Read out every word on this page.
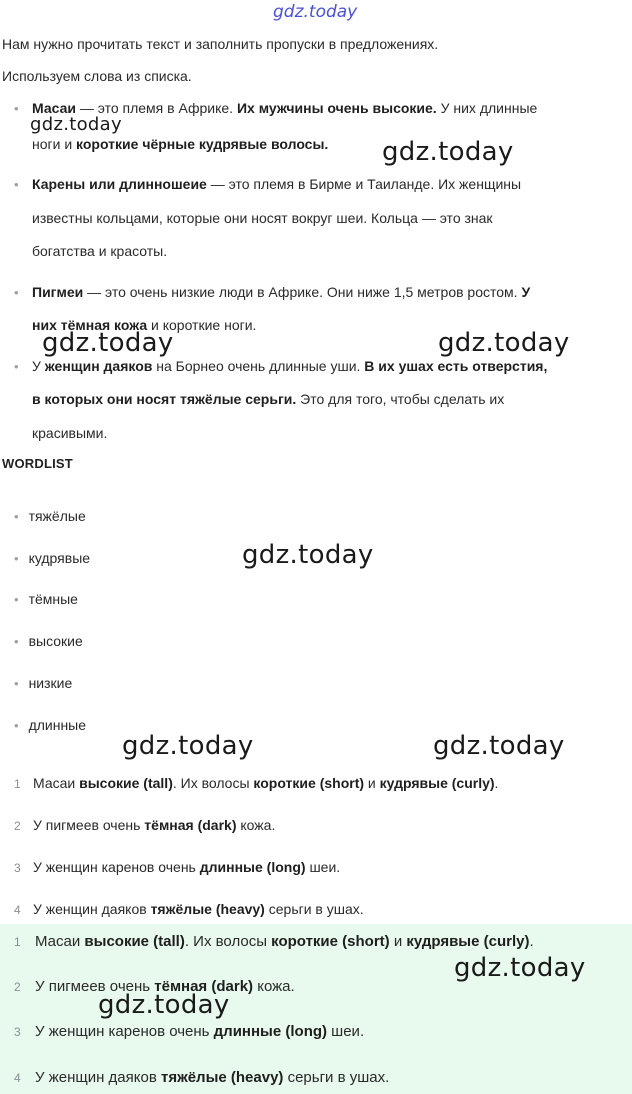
gdz.today
Нам нужно прочитать текст и заполнить пропуски в предложениях.
Используем слова из списка.
• Масаи — это племя в Африке. Их мужчины очень высокие. У них длинные
ноги и короткие чёрные кудрявые волосы.
• Карены или длинношеие — это племя в Бирме и Таиланде. Их женщины
известны кольцами, которые они носят вокруг шеи. Кольца — это знак
богатства и красоты.
• Пигмеи — это очень низкие люди в Африке. Они ниже 1,5 метров ростом. У
них тёмная кожа и короткие ноги.
• У женщин даяков на Борнео очень длинные уши. В их ушах есть отверстия,
в которых они носят тяжёлые серьги. Это для того, чтобы сделать их
красивыми.
WORDLIST
• тяжёлые
• кудрявые
• тёмные
• высокие
• низкие
• длинные
1 Масаи высокие (tall). Их волосы короткие (short) и кудрявые (curly).
2 У пигмеев очень тёмная (dark) кожа.
3 У женщин каренов очень длинные (long) шеи.
4 У женщин даяков тяжёлые (heavy) серьги в ушах.
1 Масаи высокие (tall). Их волосы короткие (short) и кудрявые (curly).
2 У пигмеев очень тёмная (dark) кожа.
3 У женщин каренов очень длинные (long) шеи.
4 У женщин даяков тяжёлые (heavy) серьги в ушах.
gdz.today
gdz.today
gdz.today	gdz.today
gdz.today
gdz.today	gdz.today
gdz.today
gdz.today
